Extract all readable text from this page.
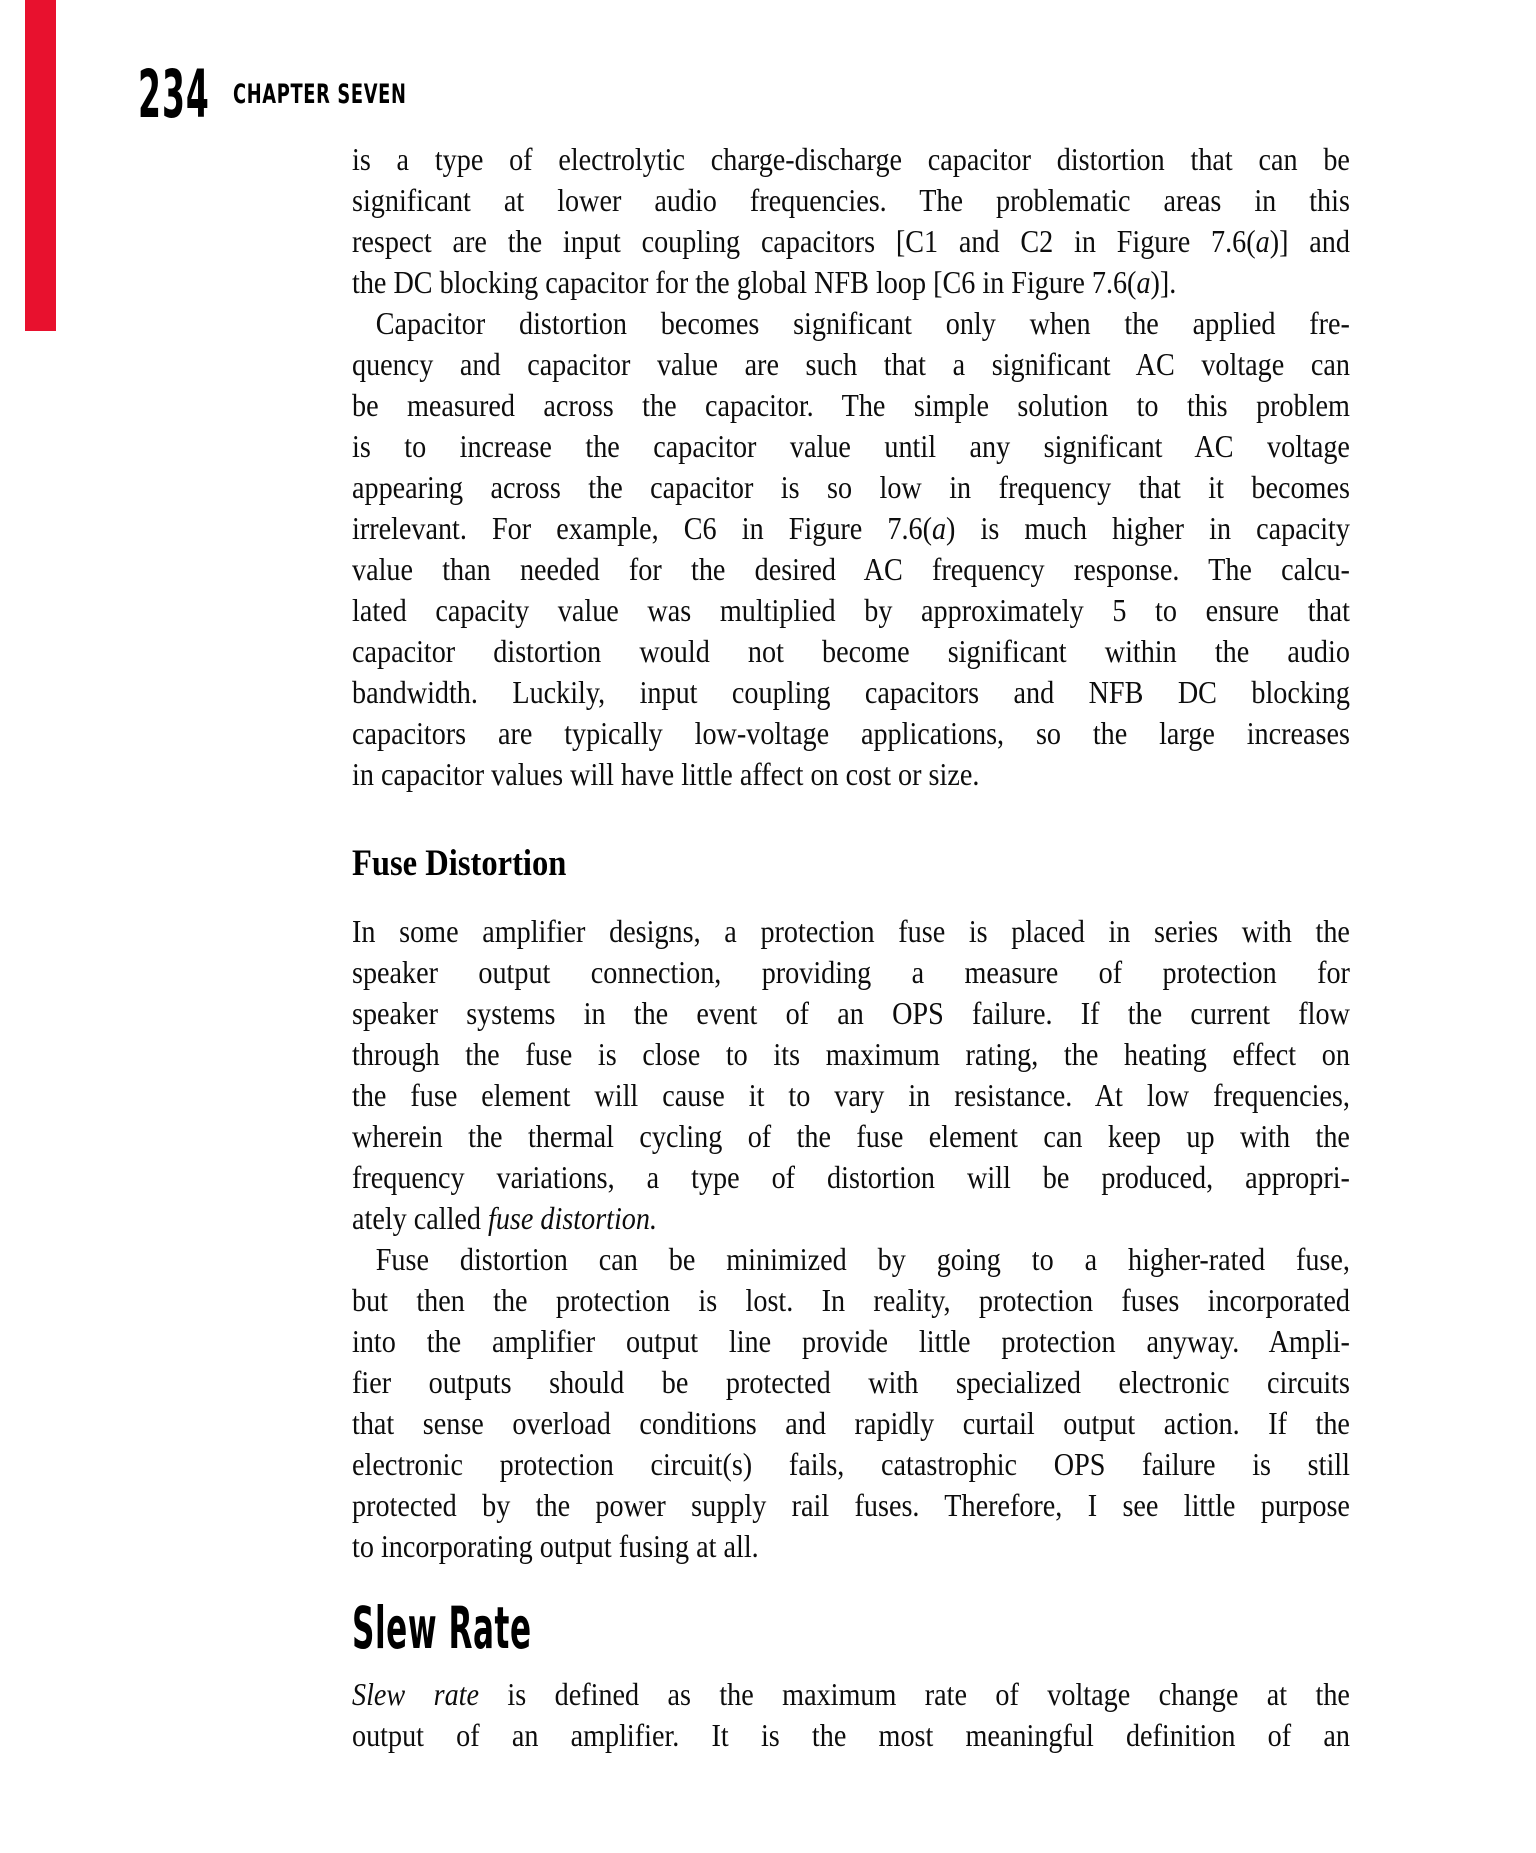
234 CHAPTER SEVEN
is a type of electrolytic charge-discharge capacitor distortion that can be
significant at lower audio frequencies. The problematic areas in this
respect are the input coupling capacitors [C1 and C2 in Figure 7.6(a)] and
the DC blocking capacitor for the global NFB loop [C6 in Figure 7.6(a)].
Capacitor distortion becomes significant only when the applied fre-
quency and capacitor value are such that a significant AC voltage can
be measured across the capacitor. The simple solution to this problem
is to increase the capacitor value until any significant AC voltage
appearing across the capacitor is so low in frequency that it becomes
irrelevant. For example, C6 in Figure 7.6(a) is much higher in capacity
value than needed for the desired AC frequency response. The calcu-
lated capacity value was multiplied by approximately 5 to ensure that
capacitor distortion would not become significant within the audio
bandwidth. Luckily, input coupling capacitors and NFB DC blocking
capacitors are typically low-voltage applications, so the large increases
in capacitor values will have little affect on cost or size.
Fuse Distortion
In some amplifier designs, a protection fuse is placed in series with the
speaker output connection, providing a measure of protection for
speaker systems in the event of an OPS failure. If the current flow
through the fuse is close to its maximum rating, the heating effect on
the fuse element will cause it to vary in resistance. At low frequencies,
wherein the thermal cycling of the fuse element can keep up with the
frequency variations, a type of distortion will be produced, appropri-
ately called fuse distortion.
Fuse distortion can be minimized by going to a higher-rated fuse,
but then the protection is lost. In reality, protection fuses incorporated
into the amplifier output line provide little protection anyway. Ampli-
fier outputs should be protected with specialized electronic circuits
that sense overload conditions and rapidly curtail output action. If the
electronic protection circuit(s) fails, catastrophic OPS failure is still
protected by the power supply rail fuses. Therefore, I see little purpose
to incorporating output fusing at all.
Slew Rate
Slew rate is defined as the maximum rate of voltage change at the
output of an amplifier. It is the most meaningful definition of an
